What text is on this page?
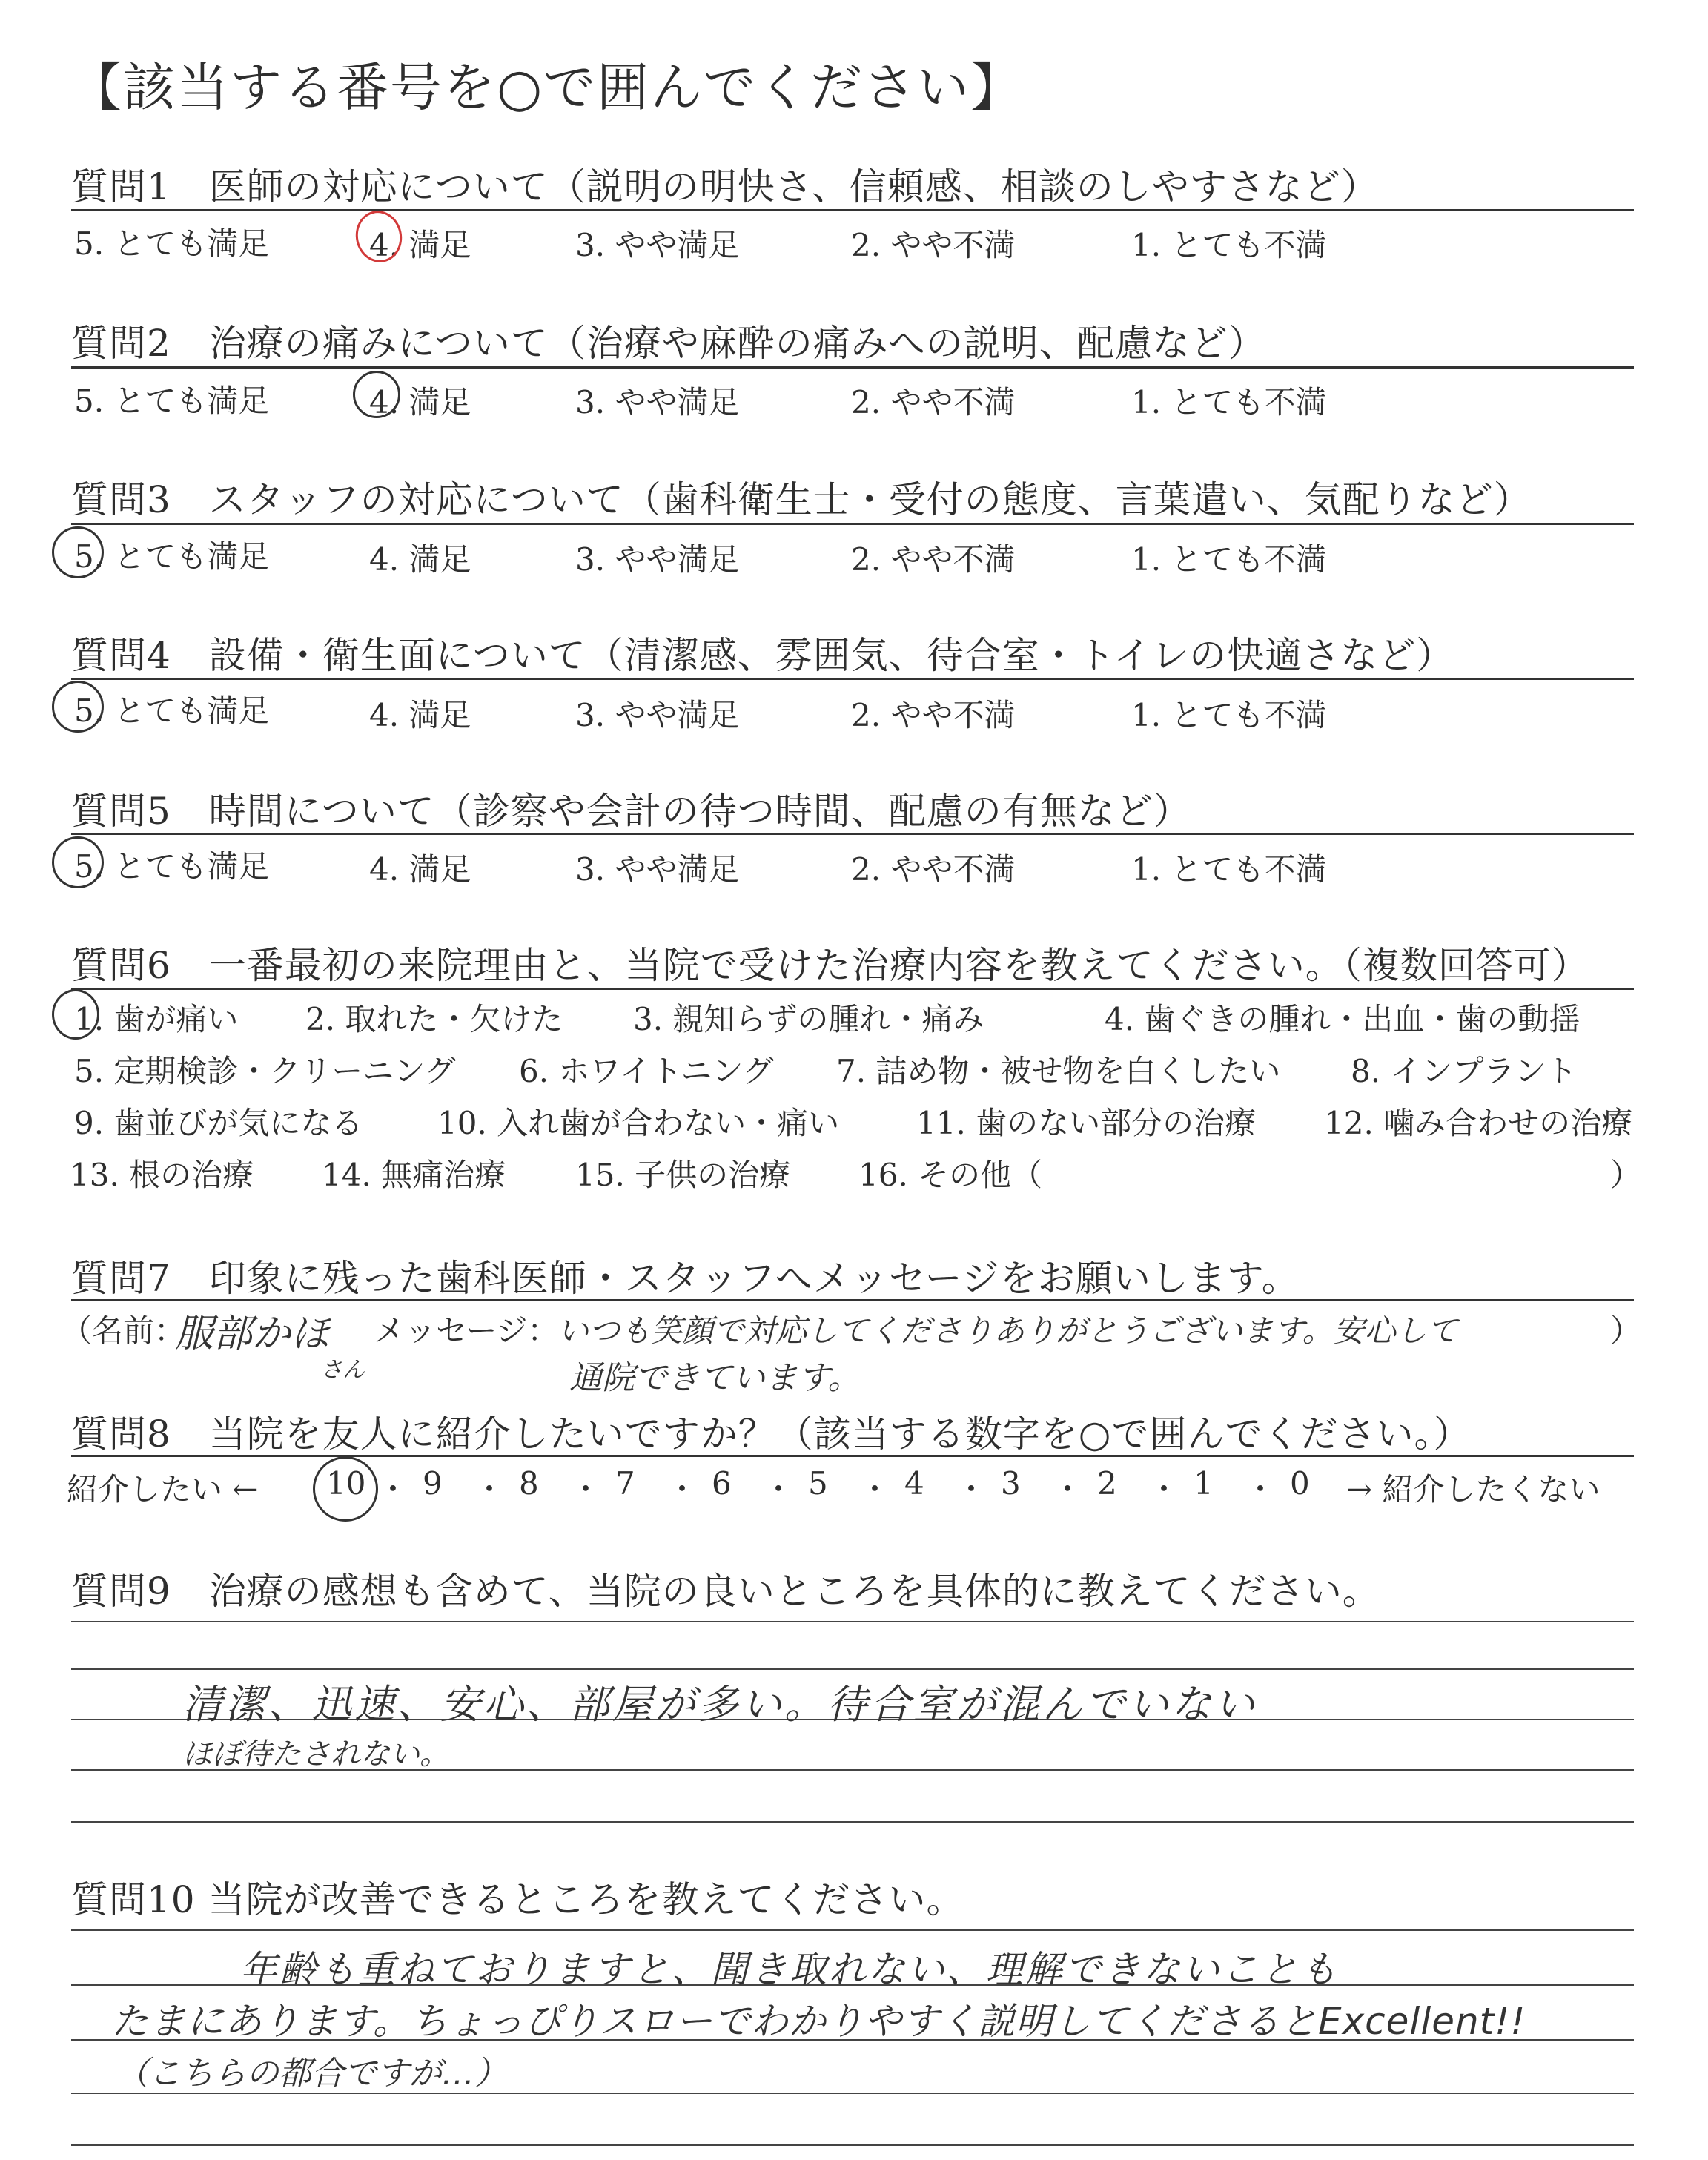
【該当する番号を○で囲んでください】
質問1　医師の対応について（説明の明快さ、信頼感、相談のしやすさなど）
5. とても満足	4. 満足	3. やや満足	2. やや不満	1. とても不満
質問2　治療の痛みについて（治療や麻酔の痛みへの説明、配慮など）
5. とても満足	4. 満足	3. やや満足	2. やや不満	1. とても不満
質問3　スタッフの対応について（歯科衛生士・受付の態度、言葉遣い、気配りなど）
5. とても満足	4. 満足	3. やや満足	2. やや不満	1. とても不満
質問4　設備・衛生面について（清潔感、雰囲気、待合室・トイレの快適さなど）
5. とても満足	4. 満足	3. やや満足	2. やや不満	1. とても不満
質問5　時間について（診察や会計の待つ時間、配慮の有無など）
5. とても満足	4. 満足	3. やや満足	2. やや不満	1. とても不満
質問6　一番最初の来院理由と、当院で受けた治療内容を教えてください。（複数回答可）
1. 歯が痛い 2. 取れた・欠けた 3. 親知らずの腫れ・痛み	4. 歯ぐきの腫れ・出血・歯の動揺
5. 定期検診・クリーニング 6. ホワイトニング 7. 詰め物・被せ物を白くしたい 8. インプラント
9. 歯並びが気になる 10. 入れ歯が合わない・痛い 11. 歯のない部分の治療 12. 噛み合わせの治療
13. 根の治療 14. 無痛治療 15. 子供の治療 16. その他（	）
質問7　印象に残った歯科医師・スタッフへメッセージをお願いします。
（名前：
服部かほ
さん
メッセージ：
いつも笑顔で対応してくださりありがとうございます。安心して
通院できています。
）
質問8　当院を友人に紹介したいですか？（該当する数字を○で囲んでください。）
紹介したい ← 10 ・ 9 ・ 8 ・ 7 ・ 6 ・ 5 ・ 4 ・ 3 ・ 2 ・ 1 ・ 0 → 紹介したくない
質問9　治療の感想も含めて、当院の良いところを具体的に教えてください。
清潔、迅速、安心、部屋が多い。待合室が混んでいない
ほぼ待たされない。
質問10 当院が改善できるところを教えてください。
年齢も重ねておりますと、聞き取れない、理解できないことも
たまにあります。ちょっぴりスローでわかりやすく説明してくださるとExcellent!!
（こちらの都合ですが…）
